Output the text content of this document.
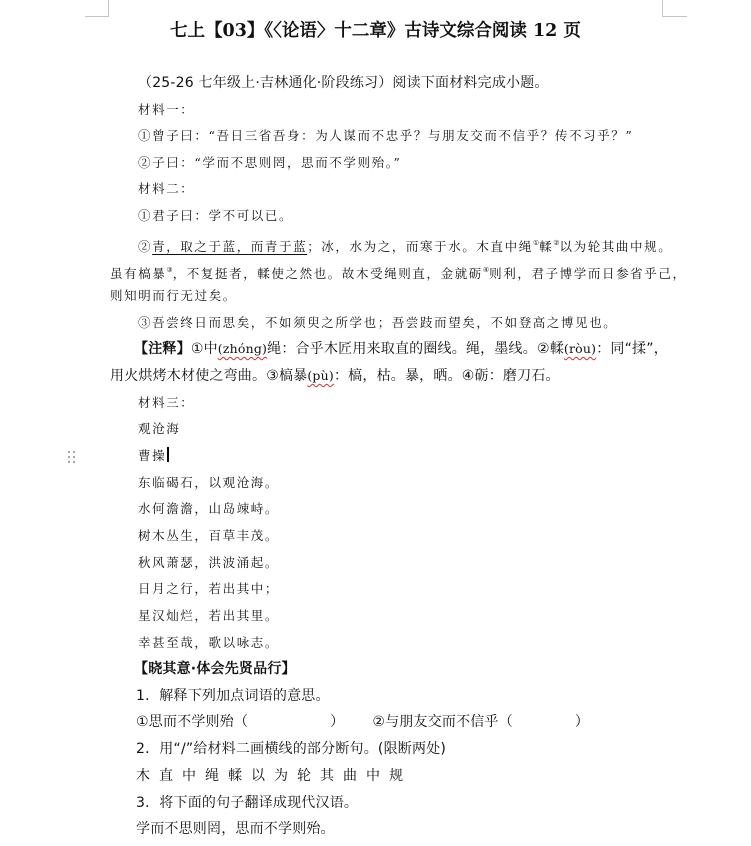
七上【03】《〈论语〉十二章》古诗文综合阅读 12 页
（25-26 七年级上·吉林通化·阶段练习）阅读下面材料完成小题。
材料一：
①曾子曰：“吾日三省吾身：为人谋而不忠乎？与朋友交而不信乎？传不习乎？”
②子曰：“学而不思则罔，思而不学则殆。”
材料二：
①君子曰：学不可以已。
②青，取之于蓝，而青于蓝；冰，水为之，而寒于水。木直中绳①輮②以为轮其曲中规。
虽有槁暴③，不复挺者，輮使之然也。故木受绳则直，金就砺④则利，君子博学而日参省乎己，
则知明而行无过矣。
③吾尝终日而思矣，不如须臾之所学也；吾尝跂而望矣，不如登高之博见也。
【注释】①中(zhóng)绳：合乎木匠用来取直的圈线。绳，墨线。②輮(ròu)：同“揉”，
用火烘烤木材使之弯曲。③槁暴(pù)：槁，枯。暴，晒。④砺：磨刀石。
材料三：
观沧海
曹操
东临碣石，以观沧海。
水何澹澹，山岛竦峙。
树木丛生，百草丰茂。
秋风萧瑟，洪波涌起。
日月之行，若出其中；
星汉灿烂，若出其里。
幸甚至哉，歌以咏志。
【晓其意·体会先贤品行】
1．解释下列加点词语的意思。
①思而不学则殆（	） ②与朋友交而不信乎（	）
2．用“/”给材料二画横线的部分断句。(限断两处)
木直中绳輮以为轮其曲中规
3．将下面的句子翻译成现代汉语。
学而不思则罔，思而不学则殆。
